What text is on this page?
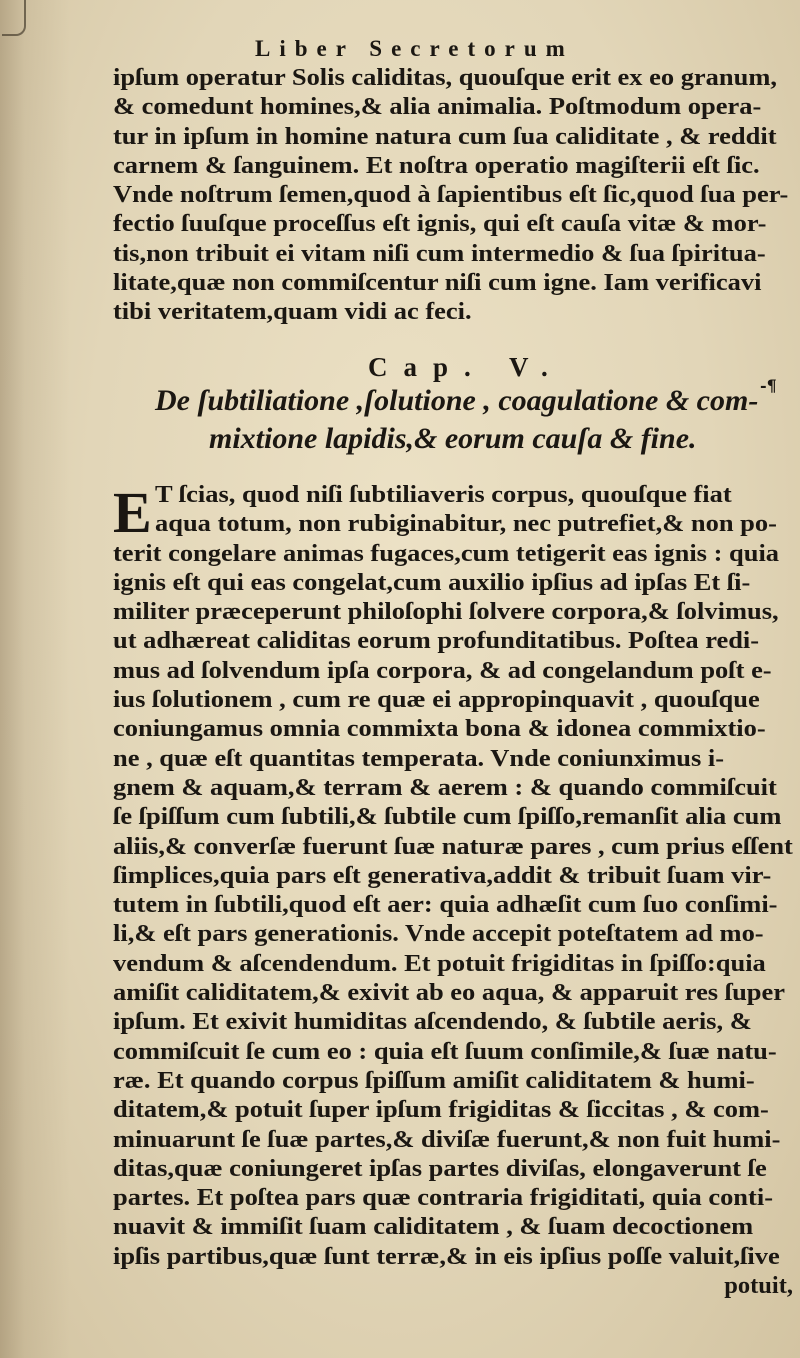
Liber Secretorum
ipſum operatur Solis caliditas, quouſque erit ex eo granum,
& comedunt homines,& alia animalia. Poſtmodum opera-
tur in ipſum in homine natura cum ſua caliditate , & reddit
carnem & ſanguinem. Et noſtra operatio magiſterii eſt ſic.
Vnde noſtrum ſemen,quod à ſapientibus eſt ſic,quod ſua per-
fectio ſuuſque proceſſus eſt ignis, qui eſt cauſa vitæ & mor-
tis,non tribuit ei vitam niſi cum intermedio & ſua ſpiritua-
litate,quæ non commiſcentur niſi cum igne. Iam verificavi
tibi veritatem,quam vidi ac feci.
Cap. V.
-¶
De ſubtiliatione ,ſolutione , coagulatione & com-
mixtione lapidis,& eorum cauſa & fine.
E T ſcias, quod niſi ſubtiliaveris corpus, quouſque fiat
aqua totum, non rubiginabitur, nec putrefiet,& non po-
terit congelare animas fugaces,cum tetigerit eas ignis : quia
ignis eſt qui eas congelat,cum auxilio ipſius ad ipſas Et ſi-
militer præceperunt philoſophi ſolvere corpora,& ſolvimus,
ut adhæreat caliditas eorum profunditatibus. Poſtea redi-
mus ad ſolvendum ipſa corpora, & ad congelandum poſt e-
ius ſolutionem , cum re quæ ei appropinquavit , quouſque
coniungamus omnia commixta bona & idonea commixtio-
ne , quæ eſt quantitas temperata. Vnde coniunximus i-
gnem & aquam,& terram & aerem : & quando commiſcuit
ſe ſpiſſum cum ſubtili,& ſubtile cum ſpiſſo,remanſit alia cum
aliis,& converſæ fuerunt ſuæ naturæ pares , cum prius eſſent
ſimplices,quia pars eſt generativa,addit & tribuit ſuam vir-
tutem in ſubtili,quod eſt aer: quia adhæſit cum ſuo conſimi-
li,& eſt pars generationis. Vnde accepit poteſtatem ad mo-
vendum & aſcendendum. Et potuit frigiditas in ſpiſſo:quia
amiſit caliditatem,& exivit ab eo aqua, & apparuit res ſuper
ipſum. Et exivit humiditas aſcendendo, & ſubtile aeris, &
commiſcuit ſe cum eo : quia eſt ſuum conſimile,& ſuæ natu-
ræ. Et quando corpus ſpiſſum amiſit caliditatem & humi-
ditatem,& potuit ſuper ipſum frigiditas & ſiccitas , & com-
minuarunt ſe ſuæ partes,& diviſæ fuerunt,& non fuit humi-
ditas,quæ coniungeret ipſas partes diviſas, elongaverunt ſe
partes. Et poſtea pars quæ contraria frigiditati, quia conti-
nuavit & immiſit ſuam caliditatem , & ſuam decoctionem
ipſis partibus,quæ ſunt terræ,& in eis ipſius poſſe valuit,ſive
potuit,
